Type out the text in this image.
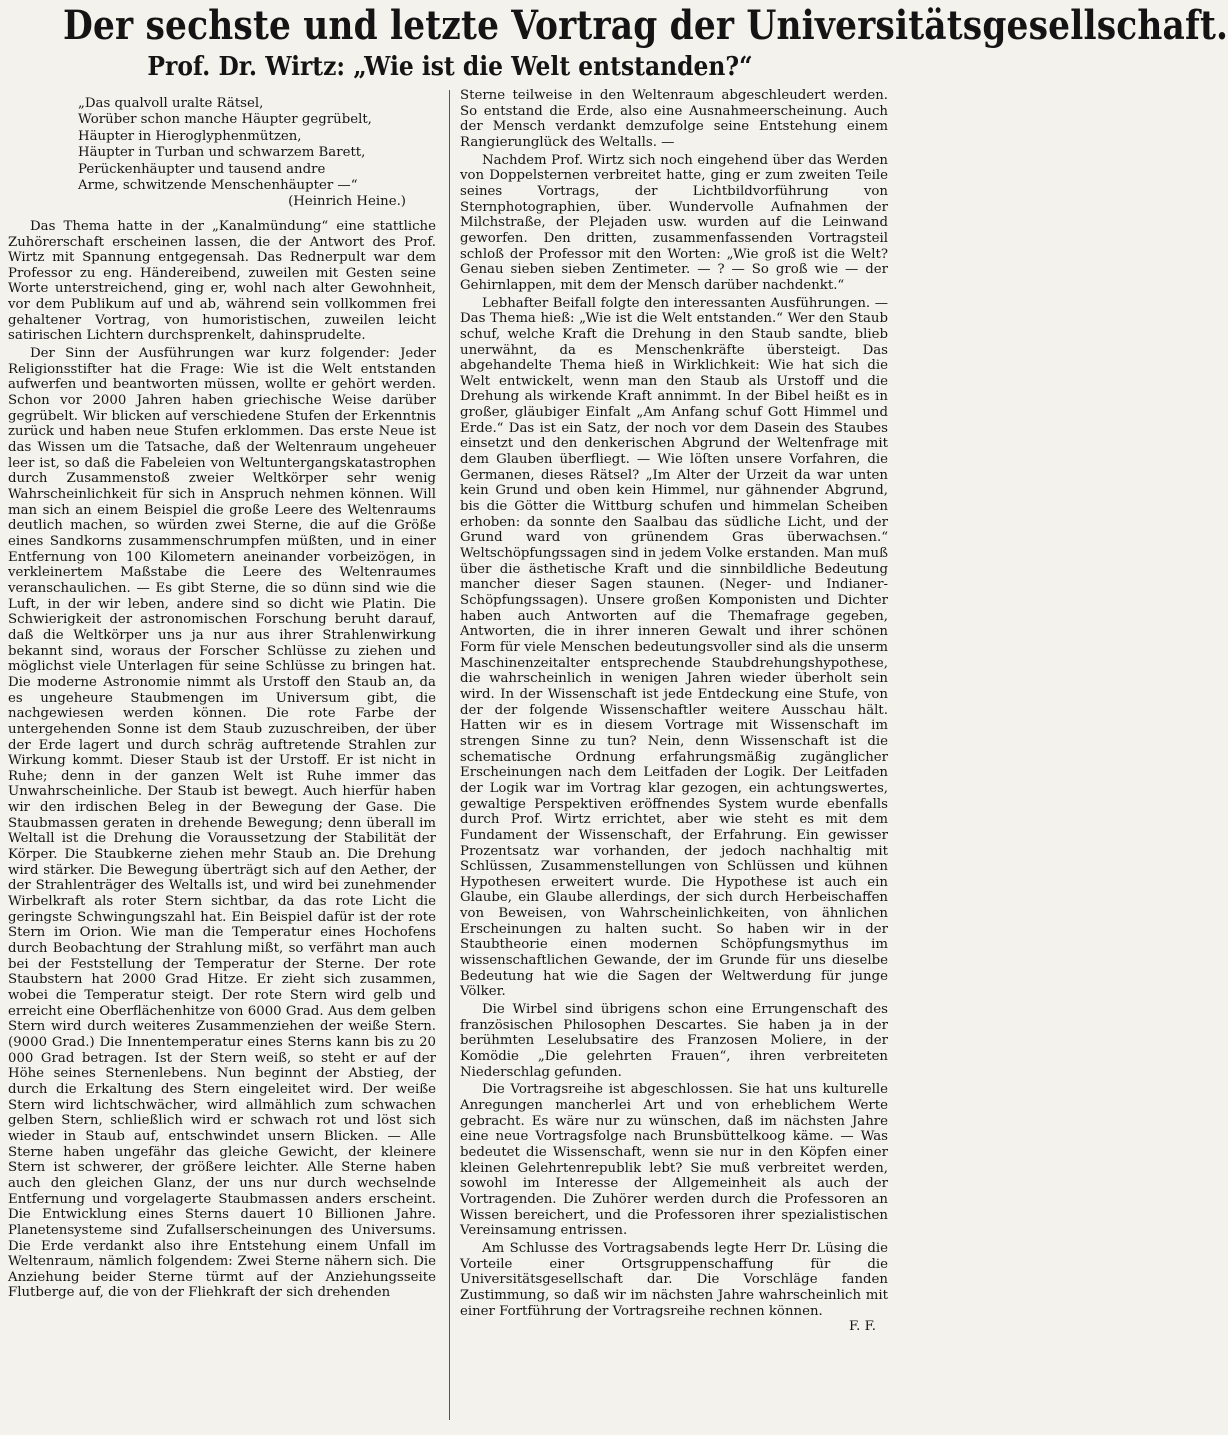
Der sechste und letzte Vortrag der Universitätsgesellschaft.
Prof. Dr. Wirtz: „Wie ist die Welt entstanden?“
„Das qualvoll uralte Rätsel,
Worüber schon manche Häupter gegrübelt,
Häupter in Hieroglyphenmützen,
Häupter in Turban und schwarzem Barett,
Perückenhäupter und tausend andre
Arme, schwitzende Menschenhäupter —“
(Heinrich Heine.)

Das Thema hatte in der „Kanalmündung“ eine stattliche Zuhörerschaft erscheinen lassen, die der Antwort des Prof. Wirtz mit Spannung entgegensah. Das Rednerpult war dem Professor zu eng. Händereibend, zuweilen mit Gesten seine Worte unterstreichend, ging er, wohl nach alter Gewohnheit, vor dem Publikum auf und ab, während sein vollkommen frei gehaltener Vortrag, von humoristischen, zuweilen leicht satirischen Lichtern durchsprenkelt, dahinsprudelte.

Der Sinn der Ausführungen war kurz folgender: Jeder Religionsstifter hat die Frage: Wie ist die Welt entstanden aufwerfen und beantworten müssen, wollte er gehört werden. Schon vor 2000 Jahren haben griechische Weise darüber gegrübelt. Wir blicken auf verschiedene Stufen der Erkenntnis zurück und haben neue Stufen erklommen. Das erste Neue ist das Wissen um die Tatsache, daß der Weltenraum ungeheuer leer ist, so daß die Fabeleien von Weltuntergangskatastrophen durch Zusammenstoß zweier Weltkörper sehr wenig Wahrscheinlichkeit für sich in Anspruch nehmen können. Will man sich an einem Beispiel die große Leere des Weltenraums deutlich machen, so würden zwei Sterne, die auf die Größe eines Sandkorns zusammenschrumpfen müßten, und in einer Entfernung von 100 Kilometern aneinander vorbeizögen, in verkleinertem Maßstabe die Leere des Weltenraumes veranschaulichen. — Es gibt Sterne, die so dünn sind wie die Luft, in der wir leben, andere sind so dicht wie Platin. Die Schwierigkeit der astronomischen Forschung beruht darauf, daß die Weltkörper uns ja nur aus ihrer Strahlenwirkung bekannt sind, woraus der Forscher Schlüsse zu ziehen und möglichst viele Unterlagen für seine Schlüsse zu bringen hat. Die moderne Astronomie nimmt als Urstoff den Staub an, da es ungeheure Staubmengen im Universum gibt, die nachgewiesen werden können. Die rote Farbe der untergehenden Sonne ist dem Staub zuzuschreiben, der über der Erde lagert und durch schräg auftretende Strahlen zur Wirkung kommt. Dieser Staub ist der Urstoff. Er ist nicht in Ruhe; denn in der ganzen Welt ist Ruhe immer das Unwahrscheinliche. Der Staub ist bewegt. Auch hierfür haben wir den irdischen Beleg in der Bewegung der Gase. Die Staubmassen geraten in drehende Bewegung; denn überall im Weltall ist die Drehung die Voraussetzung der Stabilität der Körper. Die Staubkerne ziehen mehr Staub an. Die Drehung wird stärker. Die Bewegung überträgt sich auf den Aether, der der Strahlenträger des Weltalls ist, und wird bei zunehmender Wirbelkraft als roter Stern sichtbar, da das rote Licht die geringste Schwingungszahl hat. Ein Beispiel dafür ist der rote Stern im Orion. Wie man die Temperatur eines Hochofens durch Beobachtung der Strahlung mißt, so verfährt man auch bei der Feststellung der Temperatur der Sterne. Der rote Staubstern hat 2000 Grad Hitze. Er zieht sich zusammen, wobei die Temperatur steigt. Der rote Stern wird gelb und erreicht eine Oberflächenhitze von 6000 Grad. Aus dem gelben Stern wird durch weiteres Zusammenziehen der weiße Stern. (9000 Grad.) Die Innentemperatur eines Sterns kann bis zu 20 000 Grad betragen. Ist der Stern weiß, so steht er auf der Höhe seines Sternenlebens. Nun beginnt der Abstieg, der durch die Erkaltung des Stern eingeleitet wird. Der weiße Stern wird lichtschwächer, wird allmählich zum schwachen gelben Stern, schließlich wird er schwach rot und löst sich wieder in Staub auf, entschwindet unsern Blicken. — Alle Sterne haben ungefähr das gleiche Gewicht, der kleinere Stern ist schwerer, der größere leichter. Alle Sterne haben auch den gleichen Glanz, der uns nur durch wechselnde Entfernung und vorgelagerte Staubmassen anders erscheint. Die Entwicklung eines Sterns dauert 10 Billionen Jahre. Planetensysteme sind Zufallserscheinungen des Universums. Die Erde verdankt also ihre Entstehung einem Unfall im Weltenraum, nämlich folgendem: Zwei Sterne nähern sich. Die Anziehung beider Sterne türmt auf der Anziehungsseite Flutberge auf, die von der Fliehkraft der sich drehenden

Sterne teilweise in den Weltenraum abgeschleudert werden. So entstand die Erde, also eine Ausnahmeerscheinung. Auch der Mensch verdankt demzufolge seine Entstehung einem Rangierunglück des Weltalls. —

Nachdem Prof. Wirtz sich noch eingehend über das Werden von Doppelsternen verbreitet hatte, ging er zum zweiten Teile seines Vortrags, der Lichtbildvorführung von Sternphotographien, über. Wundervolle Aufnahmen der Milchstraße, der Plejaden usw. wurden auf die Leinwand geworfen. Den dritten, zusammenfassenden Vortragsteil schloß der Professor mit den Worten: „Wie groß ist die Welt? Genau sieben sieben Zentimeter. — ? — So groß wie — der Gehirnlappen, mit dem der Mensch darüber nachdenkt.“

Lebhafter Beifall folgte den interessanten Ausführungen. — Das Thema hieß: „Wie ist die Welt entstanden.“ Wer den Staub schuf, welche Kraft die Drehung in den Staub sandte, blieb unerwähnt, da es Menschenkräfte übersteigt. Das abgehandelte Thema hieß in Wirklichkeit: Wie hat sich die Welt entwickelt, wenn man den Staub als Urstoff und die Drehung als wirkende Kraft annimmt. In der Bibel heißt es in großer, gläubiger Einfalt „Am Anfang schuf Gott Himmel und Erde.“ Das ist ein Satz, der noch vor dem Dasein des Staubes einsetzt und den denkerischen Abgrund der Weltenfrage mit dem Glauben überfliegt. — Wie löſten unsere Vorfahren, die Germanen, dieses Rätsel? „Im Alter der Urzeit da war unten kein Grund und oben kein Himmel, nur gähnender Abgrund, bis die Götter die Wittburg schufen und himmelan Scheiben erhoben: da sonnte den Saalbau das südliche Licht, und der Grund ward von grünendem Gras überwachsen.“ Weltschöpfungssagen sind in jedem Volke erstanden. Man muß über die ästhetische Kraft und die sinnbildliche Bedeutung mancher dieser Sagen staunen. (Neger- und Indianer-Schöpfungssagen). Unsere großen Komponisten und Dichter haben auch Antworten auf die Themafrage gegeben, Antworten, die in ihrer inneren Gewalt und ihrer schönen Form für viele Menschen bedeutungsvoller sind als die unserm Maschinenzeitalter entsprechende Staubdrehungshypothese, die wahrscheinlich in wenigen Jahren wieder überholt sein wird. In der Wissenschaft ist jede Entdeckung eine Stufe, von der der folgende Wissenschaftler weitere Ausschau hält. Hatten wir es in diesem Vortrage mit Wissenschaft im strengen Sinne zu tun? Nein, denn Wissenschaft ist die schematische Ordnung erfahrungsmäßig zugänglicher Erscheinungen nach dem Leitfaden der Logik. Der Leitfaden der Logik war im Vortrag klar gezogen, ein achtungswertes, gewaltige Perspektiven eröffnendes System wurde ebenfalls durch Prof. Wirtz errichtet, aber wie steht es mit dem Fundament der Wissenschaft, der Erfahrung. Ein gewisser Prozentsatz war vorhanden, der jedoch nachhaltig mit Schlüssen, Zusammenstellungen von Schlüssen und kühnen Hypothesen erweitert wurde. Die Hypothese ist auch ein Glaube, ein Glaube allerdings, der sich durch Herbeischaffen von Beweisen, von Wahrscheinlichkeiten, von ähnlichen Erscheinungen zu halten sucht. So haben wir in der Staubtheorie einen modernen Schöpfungsmythus im wissenschaftlichen Gewande, der im Grunde für uns dieselbe Bedeutung hat wie die Sagen der Weltwerdung für junge Völker.

Die Wirbel sind übrigens schon eine Errungenschaft des französischen Philosophen Descartes. Sie haben ja in der berühmten Leselubsatire des Franzosen Moliere, in der Komödie „Die gelehrten Frauen“, ihren verbreiteten Niederschlag gefunden.

Die Vortragsreihe ist abgeschlossen. Sie hat uns kulturelle Anregungen mancherlei Art und von erheblichem Werte gebracht. Es wäre nur zu wünschen, daß im nächsten Jahre eine neue Vortragsfolge nach Brunsbüttelkoog käme. — Was bedeutet die Wissenschaft, wenn sie nur in den Köpfen einer kleinen Gelehrtenrepublik lebt? Sie muß verbreitet werden, sowohl im Interesse der Allgemeinheit als auch der Vortragenden. Die Zuhörer werden durch die Professoren an Wissen bereichert, und die Professoren ihrer spezialistischen Vereinsamung entrissen.

Am Schlusse des Vortragsabends legte Herr Dr. Lüsing die Vorteile einer Ortsgruppenschaffung für die Universitätsgesellschaft dar. Die Vorschläge fanden Zustimmung, so daß wir im nächsten Jahre wahrscheinlich mit einer Fortführung der Vortragsreihe rechnen können.

F. F.
